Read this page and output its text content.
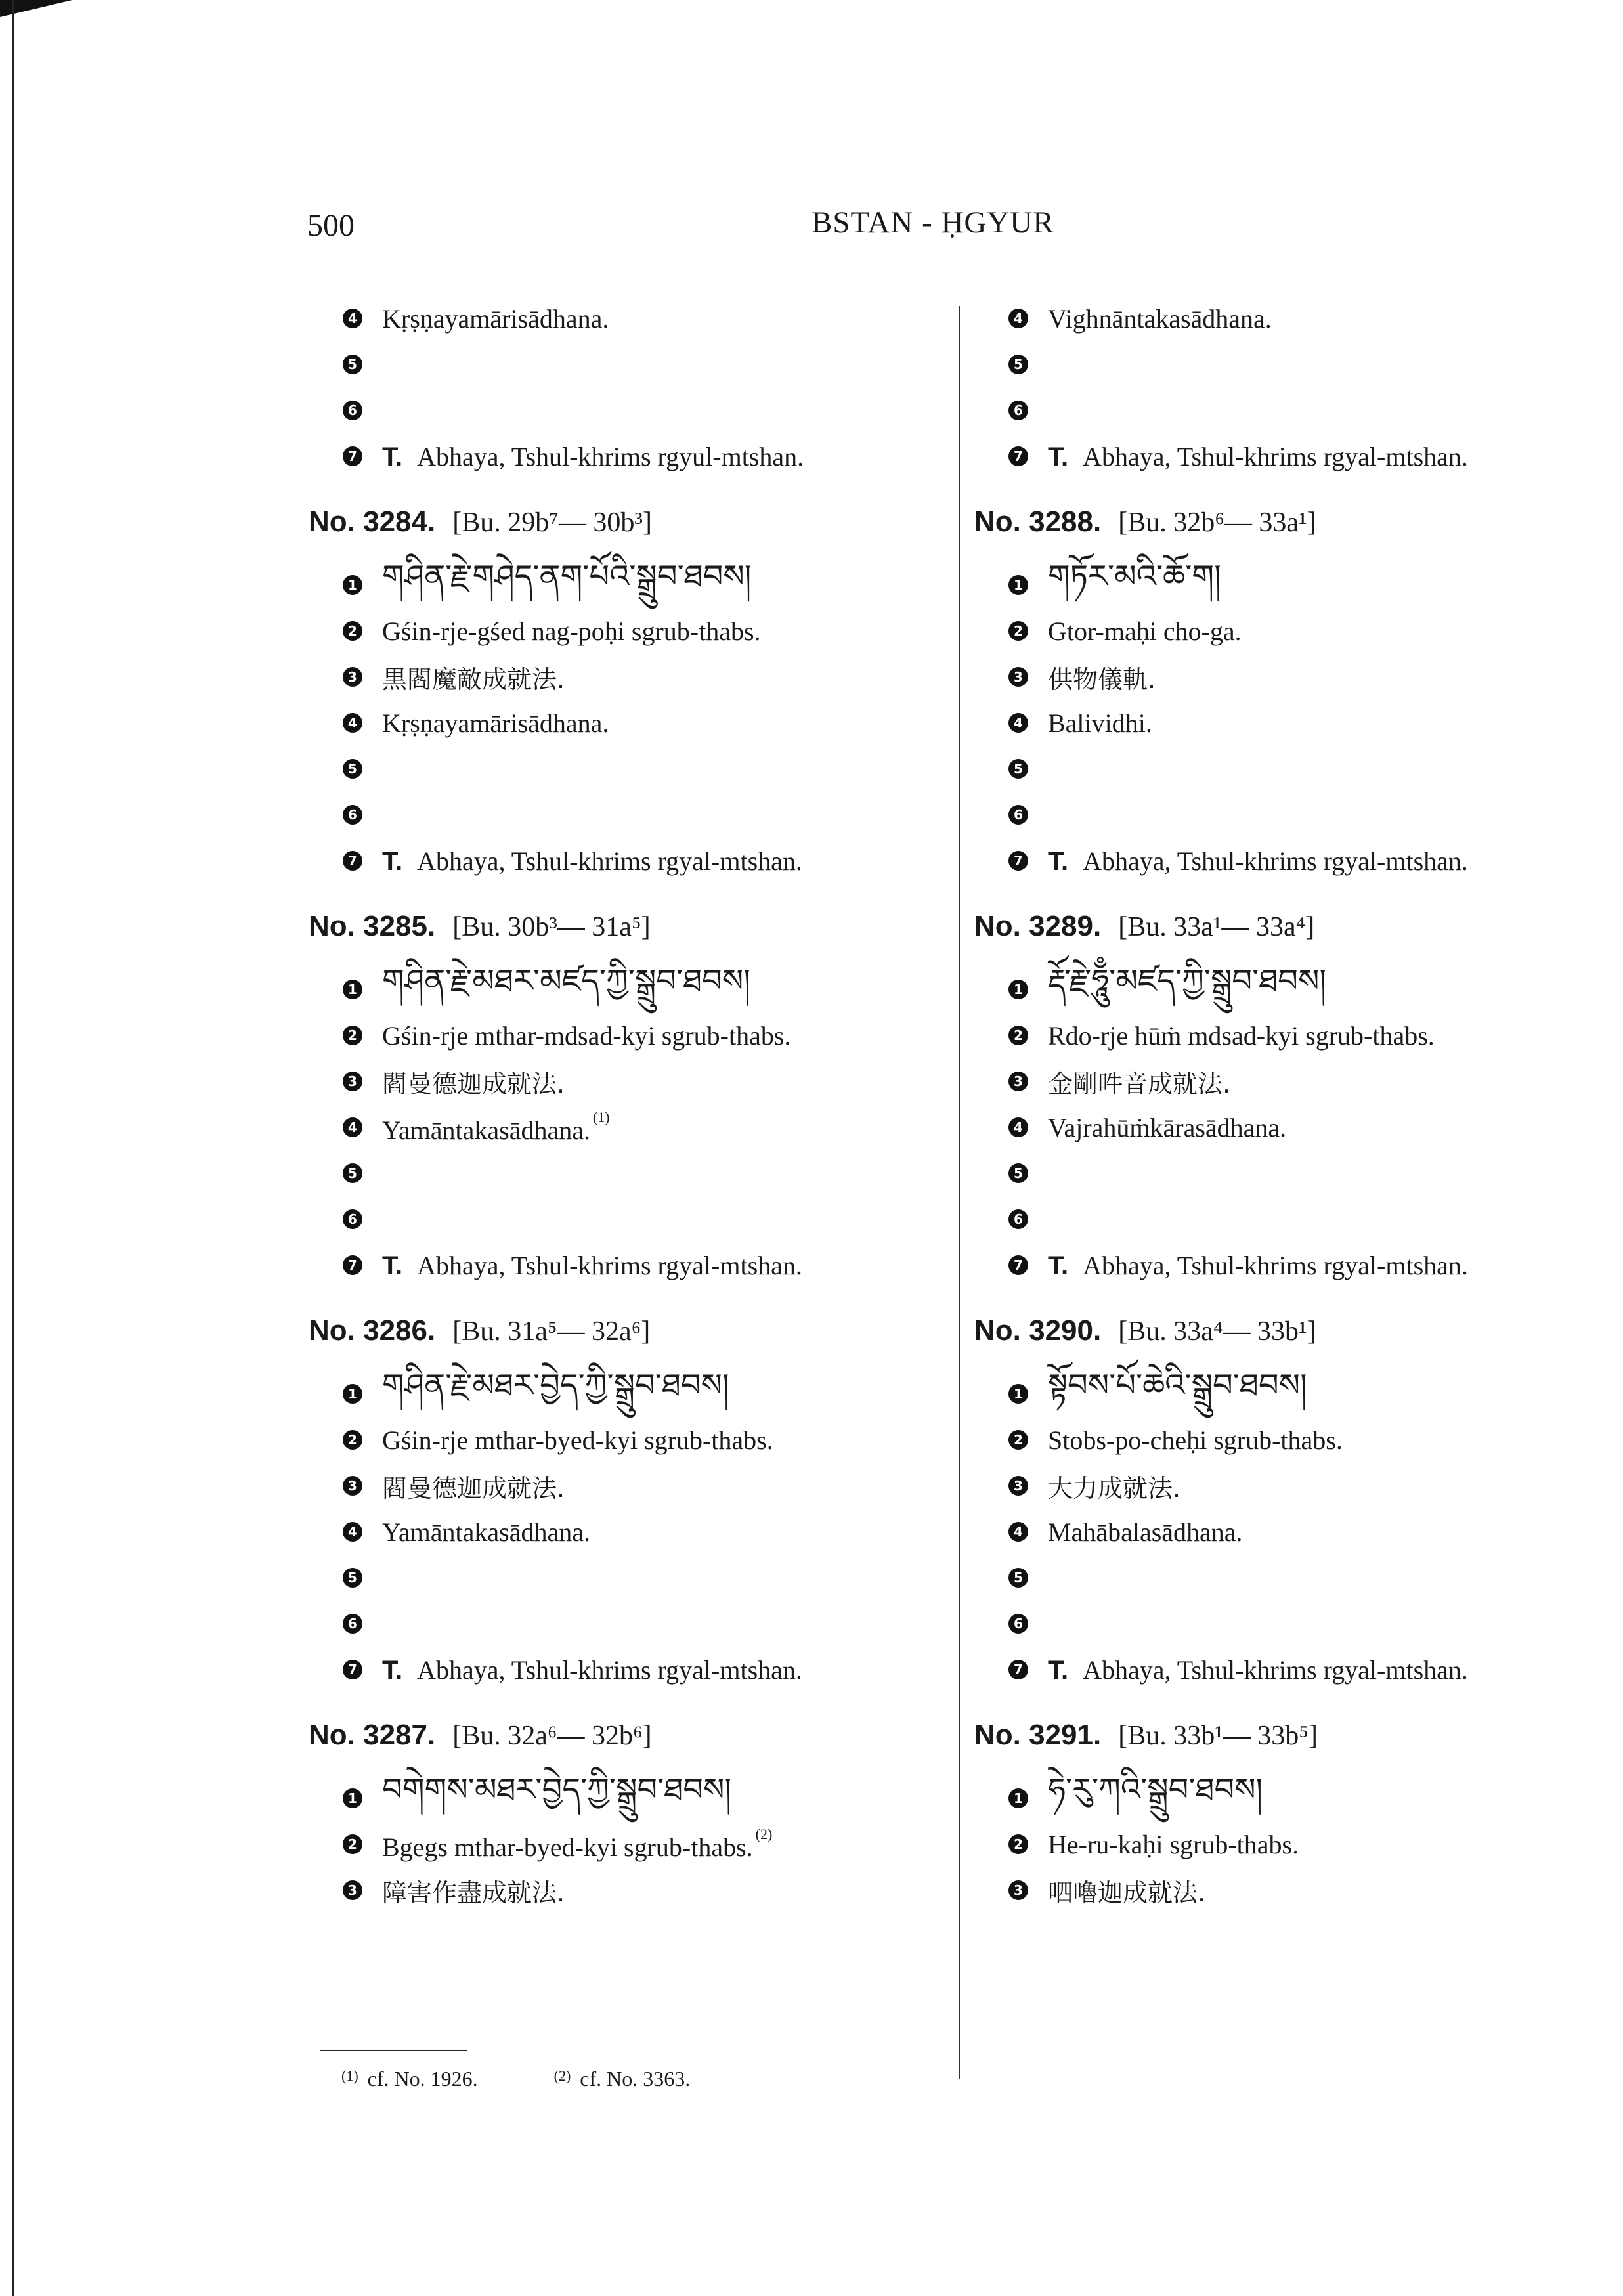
500	BSTAN - ḤGYUR
4 Kṛṣṇayamārisādhana.
5
6
7 T. Abhaya, Tshul-khrims rgyul-mtshan.
No. 3284. [Bu. 29b⁷— 30b³]
1 གཤིན་རྗེ་གཤེད་ནག་པོའི་སྒྲུབ་ཐབས།
2 Gśin-rje-gśed nag-poḥi sgrub-thabs.
3 黒閻魔敵成就法.
4 Kṛṣṇayamārisādhana.
5
6
7 T. Abhaya, Tshul-khrims rgyal-mtshan.
No. 3285. [Bu. 30b³— 31a⁵]
1 གཤིན་རྗེ་མཐར་མཛད་ཀྱི་སྒྲུབ་ཐབས།
2 Gśin-rje mthar-mdsad-kyi sgrub-thabs.
3 閻曼德迦成就法.
4 Yamāntakasādhana. $^{(1)}$
5
6
7 T. Abhaya, Tshul-khrims rgyal-mtshan.
No. 3286. [Bu. 31a⁵— 32a⁶]
1 གཤིན་རྗེ་མཐར་བྱེད་ཀྱི་སྒྲུབ་ཐབས།
2 Gśin-rje mthar-byed-kyi sgrub-thabs.
3 閻曼德迦成就法.
4 Yamāntakasādhana.
5
6
7 T. Abhaya, Tshul-khrims rgyal-mtshan.
No. 3287. [Bu. 32a⁶— 32b⁶]
1 བགེགས་མཐར་བྱེད་ཀྱི་སྒྲུབ་ཐབས།
2 Bgegs mthar-byed-kyi sgrub-thabs. $^{(2)}$
3 障害作盡成就法.
4 Vighnāntakasādhana.
5
6
7 T. Abhaya, Tshul-khrims rgyal-mtshan.
No. 3288. [Bu. 32b⁶— 33a¹]
1 གཏོར་མའི་ཆོ་ག།
2 Gtor-maḥi cho-ga.
3 供物儀軌.
4 Balividhi.
5
6
7 T. Abhaya, Tshul-khrims rgyal-mtshan.
No. 3289. [Bu. 33a¹— 33a⁴]
1 རྡོ་རྗེ་ཧཱུྃ་མཛད་ཀྱི་སྒྲུབ་ཐབས།
2 Rdo-rje hūṁ mdsad-kyi sgrub-thabs.
3 金剛吽音成就法.
4 Vajrahūṁkārasādhana.
5
6
7 T. Abhaya, Tshul-khrims rgyal-mtshan.
No. 3290. [Bu. 33a⁴— 33b¹]
1 སྟོབས་པོ་ཆེའི་སྒྲུབ་ཐབས།
2 Stobs-po-cheḥi sgrub-thabs.
3 大力成就法.
4 Mahābalasādhana.
5
6
7 T. Abhaya, Tshul-khrims rgyal-mtshan.
No. 3291. [Bu. 33b¹— 33b⁵]
1 ཧེ་རུ་ཀའི་སྒྲུབ་ཐབས།
2 He-ru-kaḥi sgrub-thabs.
3 呬嚕迦成就法.
$^{(1)}$ cf. No. 1926.	$^{(2)}$ cf. No. 3363.
